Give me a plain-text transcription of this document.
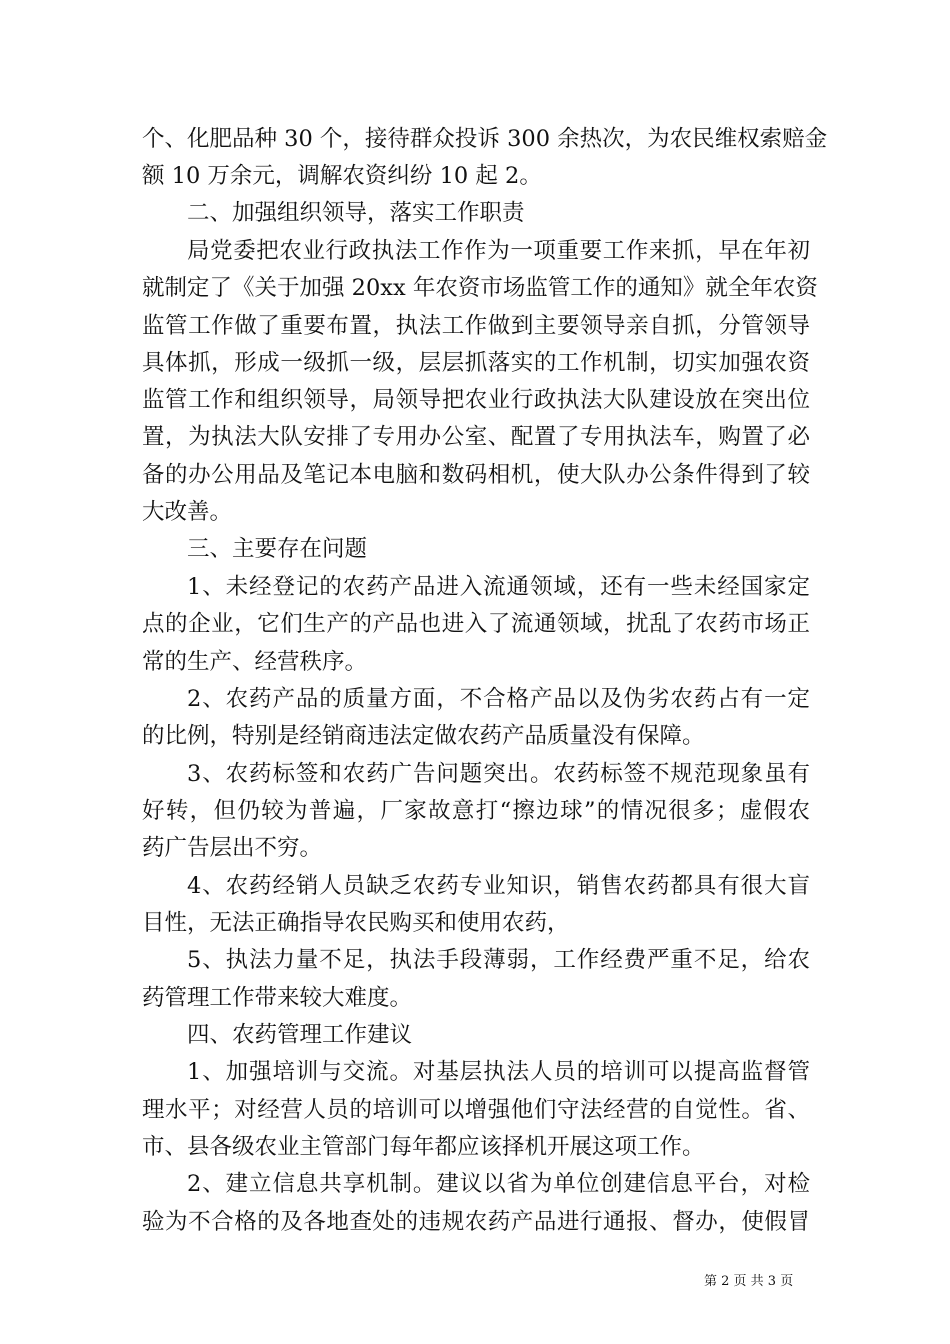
个、化肥品种 30 个，接待群众投诉 300 余热次，为农民维权索赔金
额 10 万余元，调解农资纠纷 10 起 2。
二、加强组织领导，落实工作职责
局党委把农业行政执法工作作为一项重要工作来抓，早在年初
就制定了《关于加强 20xx 年农资市场监管工作的通知》就全年农资
监管工作做了重要布置，执法工作做到主要领导亲自抓，分管领导
具体抓，形成一级抓一级，层层抓落实的工作机制，切实加强农资
监管工作和组织领导，局领导把农业行政执法大队建设放在突出位
置，为执法大队安排了专用办公室、配置了专用执法车，购置了必
备的办公用品及笔记本电脑和数码相机，使大队办公条件得到了较
大改善。
三、主要存在问题
1、未经登记的农药产品进入流通领域，还有一些未经国家定
点的企业，它们生产的产品也进入了流通领域，扰乱了农药市场正
常的生产、经营秩序。
2、农药产品的质量方面，不合格产品以及伪劣农药占有一定
的比例，特别是经销商违法定做农药产品质量没有保障。
3、农药标签和农药广告问题突出。农药标签不规范现象虽有
好转，但仍较为普遍，厂家故意打“擦边球”的情况很多；虚假农
药广告层出不穷。
4、农药经销人员缺乏农药专业知识，销售农药都具有很大盲
目性，无法正确指导农民购买和使用农药，
5、执法力量不足，执法手段薄弱，工作经费严重不足，给农
药管理工作带来较大难度。
四、农药管理工作建议
1、加强培训与交流。对基层执法人员的培训可以提高监督管
理水平；对经营人员的培训可以增强他们守法经营的自觉性。省、
市、县各级农业主管部门每年都应该择机开展这项工作。
2、建立信息共享机制。建议以省为单位创建信息平台，对检
验为不合格的及各地查处的违规农药产品进行通报、督办，使假冒
第 2 页 共 3 页
